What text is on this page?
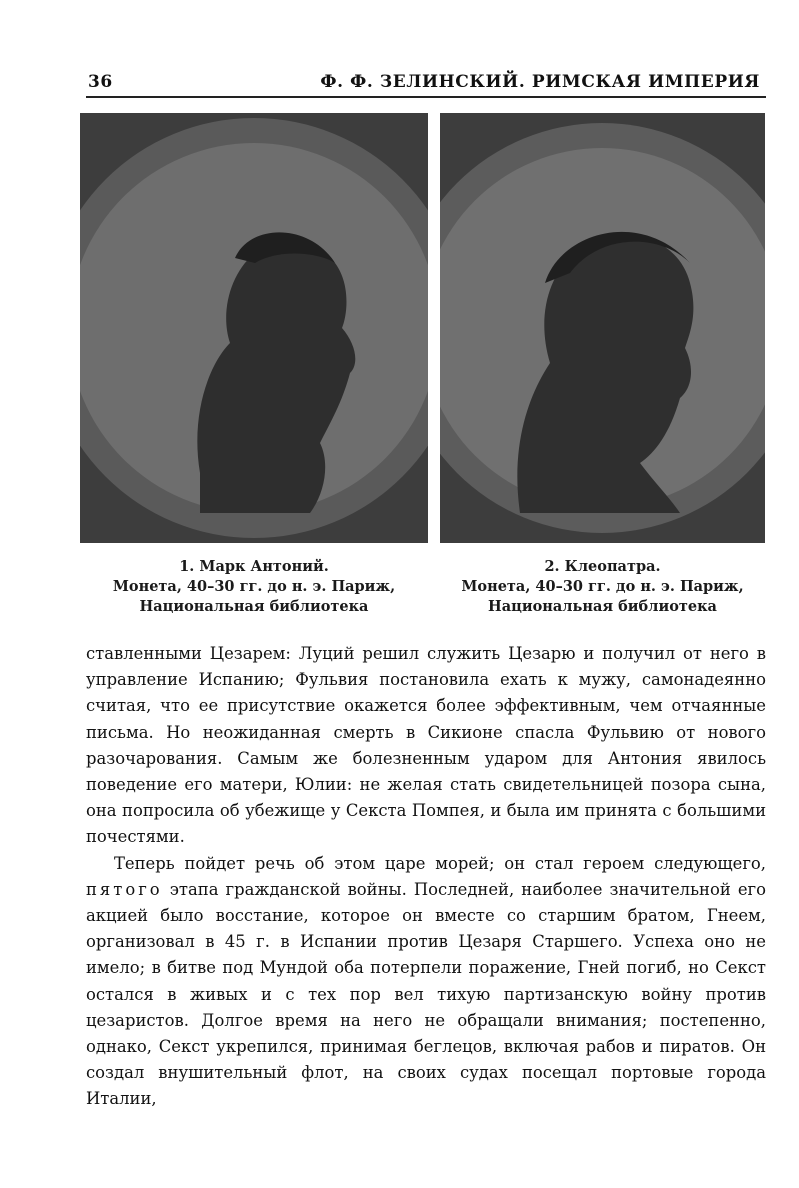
36	Ф. Ф. ЗЕЛИНСКИЙ. РИМСКАЯ ИМПЕРИЯ
1. Марк Антоний.
Монета, 40–30 гг. до н. э. Париж,
Национальная библиотека
2. Клеопатра.
Монета, 40–30 гг. до н. э. Париж,
Национальная библиотека

ставленными Цезарем: Луций решил служить Цезарю и получил от него в управление Испанию; Фульвия постановила ехать к мужу, самонадеянно считая, что ее присутствие окажется более эффективным, чем отчаянные письма. Но неожиданная смерть в Сикионе спасла Фульвию от нового разочарования. Самым же болезненным ударом для Антония явилось поведение его матери, Юлии: не желая стать свидетельницей позора сына, она попросила об убежище у Секста Помпея, и была им принята с большими почестями.

Теперь пойдет речь об этом царе морей; он стал героем следующего, пятого этапа гражданской войны. Последней, наиболее значительной его акцией было восстание, которое он вместе со старшим братом, Гнеем, организовал в 45 г. в Испании против Цезаря Старшего. Успеха оно не имело; в битве под Мундой оба потерпели поражение, Гней погиб, но Секст остался в живых и с тех пор вел тихую партизанскую войну против цезаристов. Долгое время на него не обращали внимания; постепенно, однако, Секст укрепился, принимая беглецов, включая рабов и пиратов. Он создал внушительный флот, на своих судах посещал портовые города Италии,
